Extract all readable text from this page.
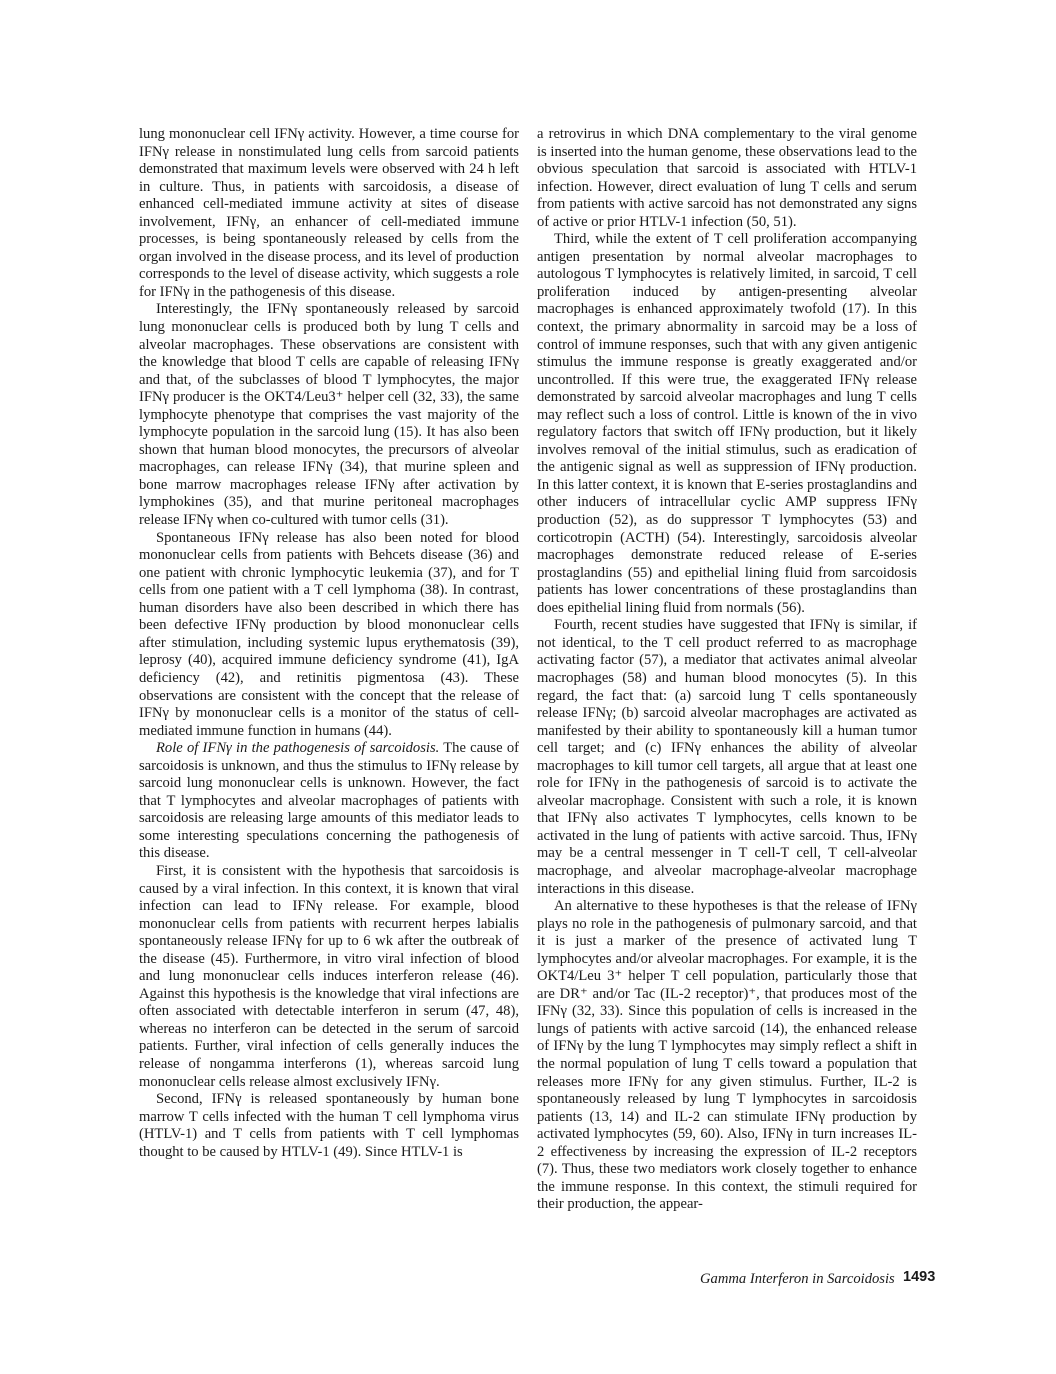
lung mononuclear cell IFNγ activity. However, a time course for IFNγ release in nonstimulated lung cells from sarcoid patients demonstrated that maximum levels were observed with 24 h left in culture. Thus, in patients with sarcoidosis, a disease of enhanced cell-mediated immune activity at sites of disease involvement, IFNγ, an enhancer of cell-mediated immune processes, is being spontaneously released by cells from the organ involved in the disease process, and its level of production corresponds to the level of disease activity, which suggests a role for IFNγ in the pathogenesis of this disease.

Interestingly, the IFNγ spontaneously released by sarcoid lung mononuclear cells is produced both by lung T cells and alveolar macrophages. These observations are consistent with the knowledge that blood T cells are capable of releasing IFNγ and that, of the subclasses of blood T lymphocytes, the major IFNγ producer is the OKT4/Leu3⁺ helper cell (32, 33), the same lymphocyte phenotype that comprises the vast majority of the lymphocyte population in the sarcoid lung (15). It has also been shown that human blood monocytes, the precursors of alveolar macrophages, can release IFNγ (34), that murine spleen and bone marrow macrophages release IFNγ after activation by lymphokines (35), and that murine peritoneal macrophages release IFNγ when co-cultured with tumor cells (31).

Spontaneous IFNγ release has also been noted for blood mononuclear cells from patients with Behcets disease (36) and one patient with chronic lymphocytic leukemia (37), and for T cells from one patient with a T cell lymphoma (38). In contrast, human disorders have also been described in which there has been defective IFNγ production by blood mononuclear cells after stimulation, including systemic lupus erythematosis (39), leprosy (40), acquired immune deficiency syndrome (41), IgA deficiency (42), and retinitis pigmentosa (43). These observations are consistent with the concept that the release of IFNγ by mononuclear cells is a monitor of the status of cell-mediated immune function in humans (44).

Role of IFNγ in the pathogenesis of sarcoidosis. The cause of sarcoidosis is unknown, and thus the stimulus to IFNγ release by sarcoid lung mononuclear cells is unknown. However, the fact that T lymphocytes and alveolar macrophages of patients with sarcoidosis are releasing large amounts of this mediator leads to some interesting speculations concerning the pathogenesis of this disease.

First, it is consistent with the hypothesis that sarcoidosis is caused by a viral infection. In this context, it is known that viral infection can lead to IFNγ release. For example, blood mononuclear cells from patients with recurrent herpes labialis spontaneously release IFNγ for up to 6 wk after the outbreak of the disease (45). Furthermore, in vitro viral infection of blood and lung mononuclear cells induces interferon release (46). Against this hypothesis is the knowledge that viral infections are often associated with detectable interferon in serum (47, 48), whereas no interferon can be detected in the serum of sarcoid patients. Further, viral infection of cells generally induces the release of nongamma interferons (1), whereas sarcoid lung mononuclear cells release almost exclusively IFNγ.

Second, IFNγ is released spontaneously by human bone marrow T cells infected with the human T cell lymphoma virus (HTLV-1) and T cells from patients with T cell lymphomas thought to be caused by HTLV-1 (49). Since HTLV-1 is

a retrovirus in which DNA complementary to the viral genome is inserted into the human genome, these observations lead to the obvious speculation that sarcoid is associated with HTLV-1 infection. However, direct evaluation of lung T cells and serum from patients with active sarcoid has not demonstrated any signs of active or prior HTLV-1 infection (50, 51).

Third, while the extent of T cell proliferation accompanying antigen presentation by normal alveolar macrophages to autologous T lymphocytes is relatively limited, in sarcoid, T cell proliferation induced by antigen-presenting alveolar macrophages is enhanced approximately twofold (17). In this context, the primary abnormality in sarcoid may be a loss of control of immune responses, such that with any given antigenic stimulus the immune response is greatly exaggerated and/or uncontrolled. If this were true, the exaggerated IFNγ release demonstrated by sarcoid alveolar macrophages and lung T cells may reflect such a loss of control. Little is known of the in vivo regulatory factors that switch off IFNγ production, but it likely involves removal of the initial stimulus, such as eradication of the antigenic signal as well as suppression of IFNγ production. In this latter context, it is known that E-series prostaglandins and other inducers of intracellular cyclic AMP suppress IFNγ production (52), as do suppressor T lymphocytes (53) and corticotropin (ACTH) (54). Interestingly, sarcoidosis alveolar macrophages demonstrate reduced release of E-series prostaglandins (55) and epithelial lining fluid from sarcoidosis patients has lower concentrations of these prostaglandins than does epithelial lining fluid from normals (56).

Fourth, recent studies have suggested that IFNγ is similar, if not identical, to the T cell product referred to as macrophage activating factor (57), a mediator that activates animal alveolar macrophages (58) and human blood monocytes (5). In this regard, the fact that: (a) sarcoid lung T cells spontaneously release IFNγ; (b) sarcoid alveolar macrophages are activated as manifested by their ability to spontaneously kill a human tumor cell target; and (c) IFNγ enhances the ability of alveolar macrophages to kill tumor cell targets, all argue that at least one role for IFNγ in the pathogenesis of sarcoid is to activate the alveolar macrophage. Consistent with such a role, it is known that IFNγ also activates T lymphocytes, cells known to be activated in the lung of patients with active sarcoid. Thus, IFNγ may be a central messenger in T cell-T cell, T cell-alveolar macrophage, and alveolar macrophage-alveolar macrophage interactions in this disease.

An alternative to these hypotheses is that the release of IFNγ plays no role in the pathogenesis of pulmonary sarcoid, and that it is just a marker of the presence of activated lung T lymphocytes and/or alveolar macrophages. For example, it is the OKT4/Leu 3⁺ helper T cell population, particularly those that are DR⁺ and/or Tac (IL-2 receptor)⁺, that produces most of the IFNγ (32, 33). Since this population of cells is increased in the lungs of patients with active sarcoid (14), the enhanced release of IFNγ by the lung T lymphocytes may simply reflect a shift in the normal population of lung T cells toward a population that releases more IFNγ for any given stimulus. Further, IL-2 is spontaneously released by lung T lymphocytes in sarcoidosis patients (13, 14) and IL-2 can stimulate IFNγ production by activated lymphocytes (59, 60). Also, IFNγ in turn increases IL-2 effectiveness by increasing the expression of IL-2 receptors (7). Thus, these two mediators work closely together to enhance the immune response. In this context, the stimuli required for their production, the appear-

Gamma Interferon in Sarcoidosis 1493
